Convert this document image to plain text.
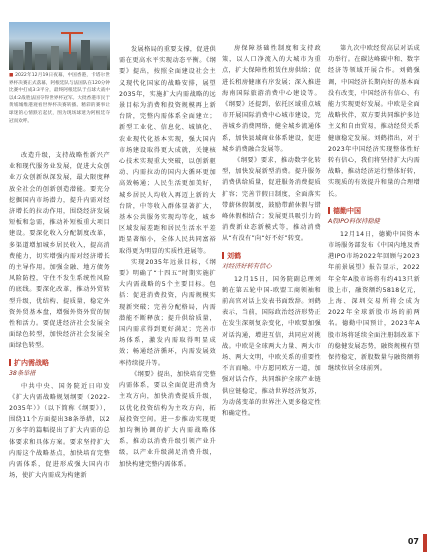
■ 2022年12月19日夜幕，中国香港，卡塔尔世界杯决赛正式落幕，阿根廷队与法国队在120分钟比赛中打成3:3平分，最终阿根廷队于点球大战中以4:2战胜法国夺得世界杯冠军。大批香港市民于黄埔城维港观看世界杯决赛转播。精彩的赛事让球迷的心情跌宕起伏，图为现场球迷为阿根廷夺冠而欢呼。

改造升级，支持战略性新兴产业和现代服务业发展，促进大众创业万众创新纵深发展，最大限度释放全社会的创新创造潜能。要充分挖掘国内市场潜力，提升内需对经济增长的拉动作用，围绕经济发展短板和急需，推动补短板重大项目建设。要深化收入分配制度改革，多渠道增加城乡居民收入，提高消费能力，切实增强内需对经济增长的主导作用。加强金融、地方债务风险防控，守住不发生系统性风险的底线。要深化改革，推动外贸转型升级，优结构、提质量，稳定外资外贸基本盘，增强外资外贸的韧性和活力。要促进经济社会发展全面绿色转型，加快经济社会发展全面绿色转型。

扩内需战略
38条举措

中共中央、国务院近日印发《扩大内需战略规划纲要（2022-2035年）》（以下简称《纲要》），围绕11个方面提出38条举措，以2万多字的篇幅提出了扩大内需的总体要求和具体方案。要求坚持扩大内需这个战略基点，加快培育完整内需体系，促进形成强大国内市场，使扩大内需成为构建新

发展格局的重要支撑，促进供需在更高水平实现动态平衡。《纲要》提出，按照全面建设社会主义现代化国家的战略安排，展望2035年，实施扩大内需战略的远景目标为消费和投资规模再上新台阶，完整内需体系全面建立；新型工业化、信息化、城镇化、农业现代化基本实现，强大国内市场建设取得更大成就，关键核心技术实现重大突破，以创新驱动、内需拉动的国内大循环更加高效畅通；人民生活更加美好，城乡居民人均收入再迈上新的大台阶，中等收入群体显著扩大，基本公共服务实现均等化，城乡区域发展差距和居民生活水平差距显著缩小，全体人民共同富裕取得更为明显的实质性进展等。

实现2035年远景目标，《纲要》明确了“十四五”时期实施扩大内需战略的5个主要目标。包括：促进消费投资，内需规模实现新突破；完善分配格局，内需潜能不断释放；提升供给质量，国内需求得到更好满足；完善市场体系，激发内需取得明显成效；畅通经济循环，内需发展效率持续提升等。

《纲要》提出，加快培育完整内需体系，要以全面促进消费为主攻方向，加快消费提质升级，以优化投资结构为主攻方向，拓展投资空间。进一步推动实现更加均衡协调的扩大内需战略体系，推动以消费升级引领产业升级，以产业升级满足消费升级，加快构建完整内需体系。

房保障基础性制度和支持政策，以人口净流入的大城市为重点，扩大保障性租赁住房供给；促进长租房健康有序发展；深入推进海南国际旅游消费中心建设等。《纲要》还提到，依托区域重点城市开展国际消费中心城市建设，完善城乡消费网络，健全城乡流通体系，加快县域商业体系建设，促进城乡消费融合发展等。

《纲要》要求，推动数字化转型，加快发展新型消费。提升服务消费供给质量，促进服务消费提质扩容；完善节假日制度，全面落实带薪休假制度，鼓励带薪休假与错峰休假相结合；发展更具吸引力的消费新业态新模式等，推动消费从“有没有”向“好不好”转变。

刘鹤
对经济好转有信心

12月15日，国务院副总理刘鹤在第五轮中国-欧盟工商领袖和前高官对话上发表书面致辞。刘鹤表示，当前，国际政治经济形势正在发生深刻复杂变化，中欧要加强对话沟通，增进互信，共同应对挑战。中欧是全球两大力量、两大市场、两大文明，中欧关系的重要性不言而喻。中方愿同欧方一道，加强对话合作，共同维护全球产业链供应链稳定，推动世界经济复苏，为动荡变革的世界注入更多稳定性和确定性。

第九次中欧经贸高层对话成功举行。在碳达峰碳中和、数字经济等领域开展合作。刘鹤强调，中国经济长期向好的基本面没有改变，中国经济有信心、有能力实现更好发展。中欧是全面战略伙伴，双方要共同维护多边主义和自由贸易，推动经贸关系健康稳定发展。刘鹤指出，对于2023年中国经济实现整体性好转有信心，我们将坚持扩大内需战略，推动经济运行整体好转，实现质的有效提升和量的合理增长。

德勤中国
A股IPO料保持稳健

12月14日，德勤中国资本市场服务部发布《中国内地及香港IPO市场2022年回顾与2023年前景展望》报告显示，2022年全年A股市场将有约413只新股上市，融资额约5818亿元，上海、深圳交易所将会成为2022年全球新股市场的前两名。德勤中国预计，2023年A股市场将延续全面注册制改革下的稳健发展态势，融资规模有望保持稳定，新股数量与融资额将继续位居全球前列。

07
